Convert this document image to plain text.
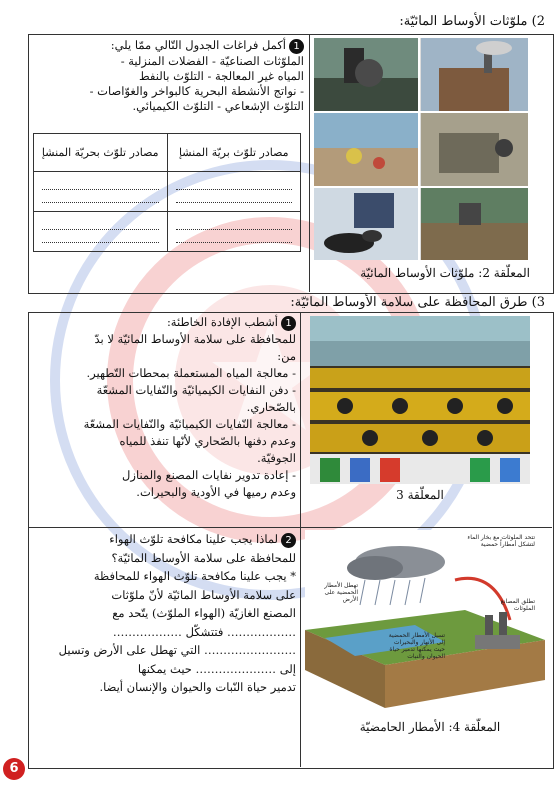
2) ملوّثات الأوساط المائيّة:
1أكمل فراغات الجدول التّالي ممّا يلي:
الملوّثات الصناعيّة - الفضلات المنزلية -
المياه غير المعالجة - التلوّث بالنفط
- نواتج الأنشطة البحرية كالبواخر والغوّاصات -
التلوّث الإشعاعي - التلوّث الكيميائي.
مصادر تلوّث بحريّة المنشإ	مصادر تلوّث بريّة المنشإ

المعلّقة 2: ملوّثات الأوساط المائيّة
3) طرق المحافظة على سلامة الأوساط المائيّة:
1أشطب الإفادة الخاطئة:
للمحافظة على سلامة الأوساط المائيّة لا بدّ
من:
- معالجة المياه المستعملة بمحطات التّطهير.
- دفن النفايات الكيميائيّة والنّفايات المشعّة
بالصّحاري.
- معالجة النّفايات الكيميائيّة والنّفايات المشعّة
وعدم دفنها بالصّحاري لأنّها تنفذ للمياه
الجوفيّة.
- إعادة تدوير نفايات المصنع والمنازل
وعدم رميها في الأودية والبحيرات.	المعلّقة 3
2لماذا يجب علينا مكافحة تلوّث الهواء
للمحافظة على سلامة الأوساط المائيّة؟
* يجب علينا مكافحة تلوّث الهواء للمحافظة
على سلامة الأوساط المائيّة لأنّ ملوّثات
المصنع الغازيّة (الهواء الملوّث) يتّحد مع
……………… فتتشكّل ………………
…………………… التي تهطل على الأرض وتسيل
إلى ………………… حيث يمكنها
تدمير حياة النّبات والحيوان والإنسان أيضا.
تتحد الملوثات مع بخار الماء لتشكل أمطاراً حمضية
تطلق المصانع الملوثات
تهطل الأمطار الحمضية على الأرض
تسيل الأمطار الحمضية إلى الأنهار والبحيرات حيث يمكنها تدمير حياة الحيوان والنبات
المعلّقة 4: الأمطار الحامضيّة
6
